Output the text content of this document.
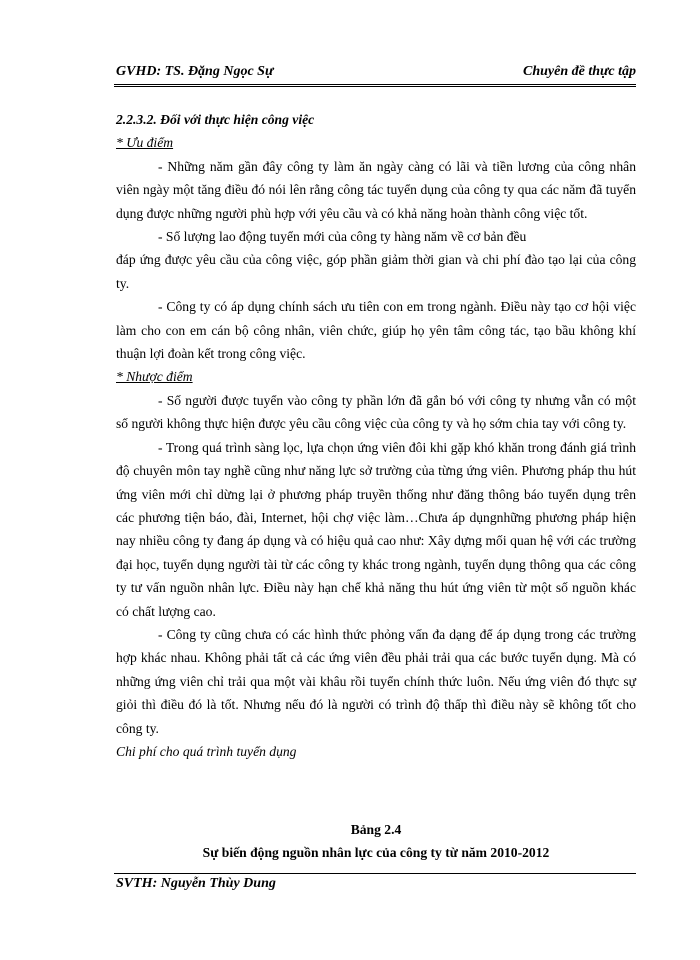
GVHD: TS. Đặng Ngọc Sự	Chuyên đề thực tập

2.2.3.2. Đối với thực hiện công việc

* Ưu điểm

- Những năm gần đây công ty làm ăn ngày càng có lãi và tiền lương của công nhân viên ngày một tăng điều đó nói lên rằng công tác tuyển dụng của công ty qua các năm đã tuyển dụng được những người phù hợp với yêu cầu và có khả năng hoàn thành công việc tốt.

- Số lượng lao động tuyển mới của công ty hàng năm về cơ bản đều

đáp ứng được yêu cầu của công việc, góp phần giảm thời gian và chi phí đào tạo lại của công ty.

- Công ty có áp dụng chính sách ưu tiên con em trong ngành. Điều này tạo cơ hội việc làm cho con em cán bộ công nhân, viên chức, giúp họ yên tâm công tác, tạo bầu không khí thuận lợi đoàn kết trong công việc.

* Nhược điểm

- Số người được tuyển vào công ty phần lớn đã gắn bó với công ty nhưng vẫn có một số người không thực hiện được yêu cầu công việc của công ty và họ sớm chia tay với công ty.

- Trong quá trình sàng lọc, lựa chọn ứng viên đôi khi gặp khó khăn trong đánh giá trình độ chuyên môn tay nghề cũng như năng lực sở trường của từng ứng viên. Phương pháp thu hút ứng viên mới chỉ dừng lại ở phương pháp truyền thống như đăng thông báo tuyển dụng trên các phương tiện báo, đài, Internet, hội chợ việc làm…Chưa áp dụngnhững phương pháp hiện nay nhiều công ty đang áp dụng và có hiệu quả cao như: Xây dựng mối quan hệ với các trường đại học, tuyển dụng người tài từ các công ty khác trong ngành, tuyển dụng thông qua các công ty tư vấn nguồn nhân lực. Điều này hạn chế khả năng thu hút ứng viên từ một số nguồn khác có chất lượng cao.

- Công ty cũng chưa có các hình thức phỏng vấn đa dạng để áp dụng trong các trường hợp khác nhau. Không phải tất cả các ứng viên đều phải trải qua các bước tuyển dụng. Mà có những ứng viên chỉ trải qua một vài khâu rồi tuyển chính thức luôn. Nếu ứng viên đó thực sự giỏi thì điều đó là tốt. Nhưng nếu đó là người có trình độ thấp thì điều này sẽ không tốt cho công ty.

Chi phí cho quá trình tuyển dụng

Bảng 2.4
Sự biến động nguồn nhân lực của công ty từ năm 2010-2012
SVTH: Nguyễn Thùy Dung
